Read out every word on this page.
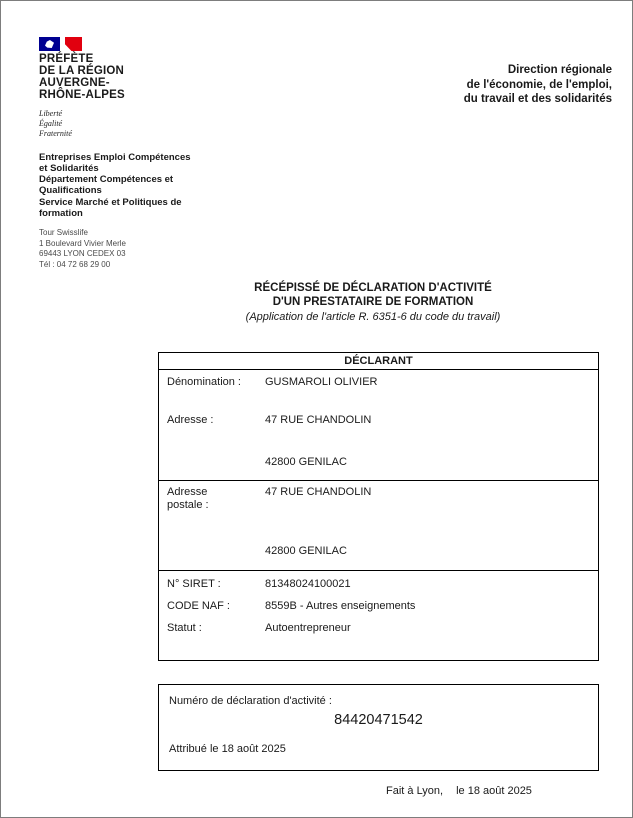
PRÉFÈTE
DE LA RÉGION
AUVERGNE-
RHÔNE-ALPES
Liberté
Égalité
Fraternité
Direction régionale
de l'économie, de l'emploi,
du travail et des solidarités
Entreprises Emploi Compétences
et Solidarités
Département Compétences et
Qualifications
Service Marché et Politiques de
formation
Tour Swisslife
1 Boulevard Vivier Merle
69443 LYON CEDEX 03
Tél : 04 72 68 29 00
RÉCÉPISSÉ DE DÉCLARATION D'ACTIVITÉ
D'UN PRESTATAIRE DE FORMATION
(Application de l'article R. 6351-6 du code du travail)
DÉCLARANT
Dénomination : GUSMAROLI OLIVIER
Adresse :	47 RUE CHANDOLIN
42800 GENILAC
Adresse postale :
47 RUE CHANDOLIN
42800 GENILAC
N° SIRET :	81348024100021
CODE NAF :	8559B - Autres enseignements
Statut :	Autoentrepreneur
Numéro de déclaration d'activité :
84420471542
Attribué le 18 août 2025
Fait à Lyon, le 18 août 2025
